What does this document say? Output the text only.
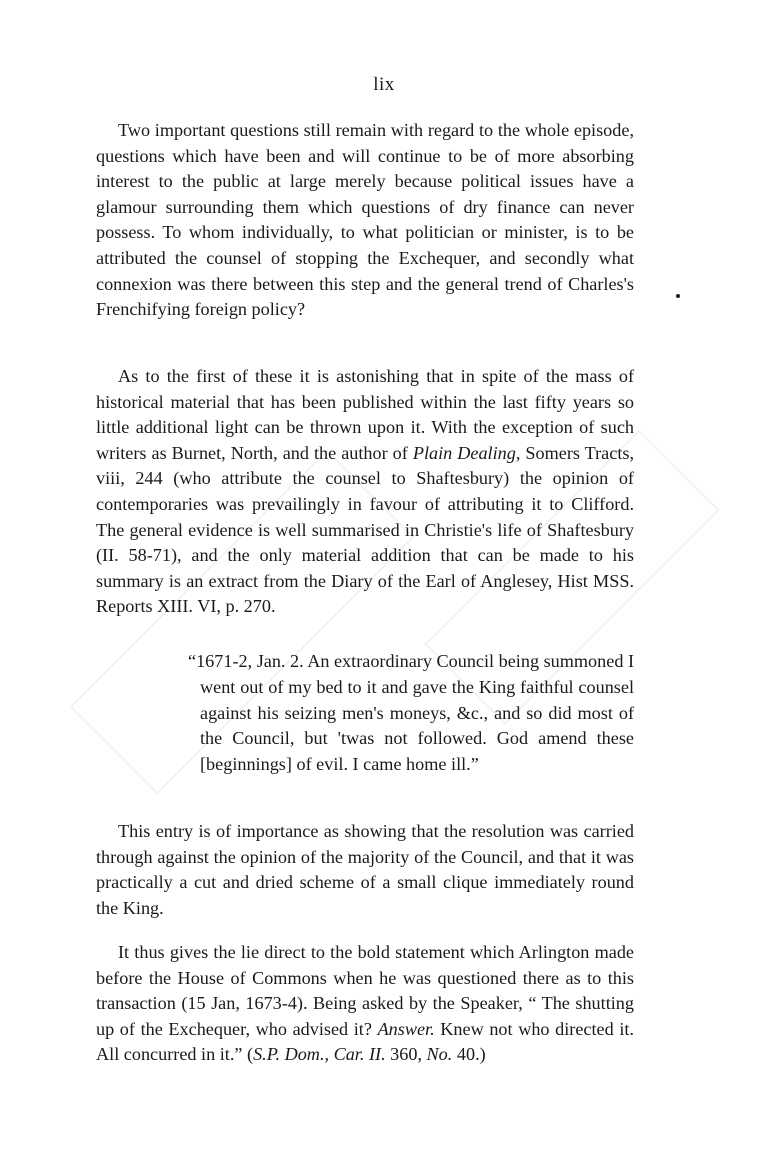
lix

Two important questions still remain with regard to the whole episode, questions which have been and will continue to be of more absorbing interest to the public at large merely because political issues have a glamour surrounding them which questions of dry finance can never possess. To whom individually, to what politician or minister, is to be attributed the counsel of stopping the Exchequer, and secondly what connexion was there between this step and the general trend of Charles's Frenchifying foreign policy?

As to the first of these it is astonishing that in spite of the mass of historical material that has been published within the last fifty years so little additional light can be thrown upon it. With the exception of such writers as Burnet, North, and the author of Plain Dealing, Somers Tracts, viii, 244 (who attribute the counsel to Shaftesbury) the opinion of contemporaries was prevailingly in favour of attributing it to Clifford. The general evidence is well summarised in Christie's life of Shaftesbury (II. 58-71), and the only material addition that can be made to his summary is an extract from the Diary of the Earl of Anglesey, Hist MSS. Reports XIII. VI, p. 270.

“1671-2, Jan. 2. An extraordinary Council being summoned I went out of my bed to it and gave the King faithful counsel against his seizing men's moneys, &c., and so did most of the Council, but 'twas not followed. God amend these [beginnings] of evil. I came home ill.”

This entry is of importance as showing that the resolution was carried through against the opinion of the majority of the Council, and that it was practically a cut and dried scheme of a small clique immediately round the King.

It thus gives the lie direct to the bold statement which Arlington made before the House of Commons when he was questioned there as to this transaction (15 Jan, 1673-4). Being asked by the Speaker, “ The shutting up of the Exchequer, who advised it? Answer. Knew not who directed it. All concurred in it.” (S.P. Dom., Car. II. 360, No. 40.)
